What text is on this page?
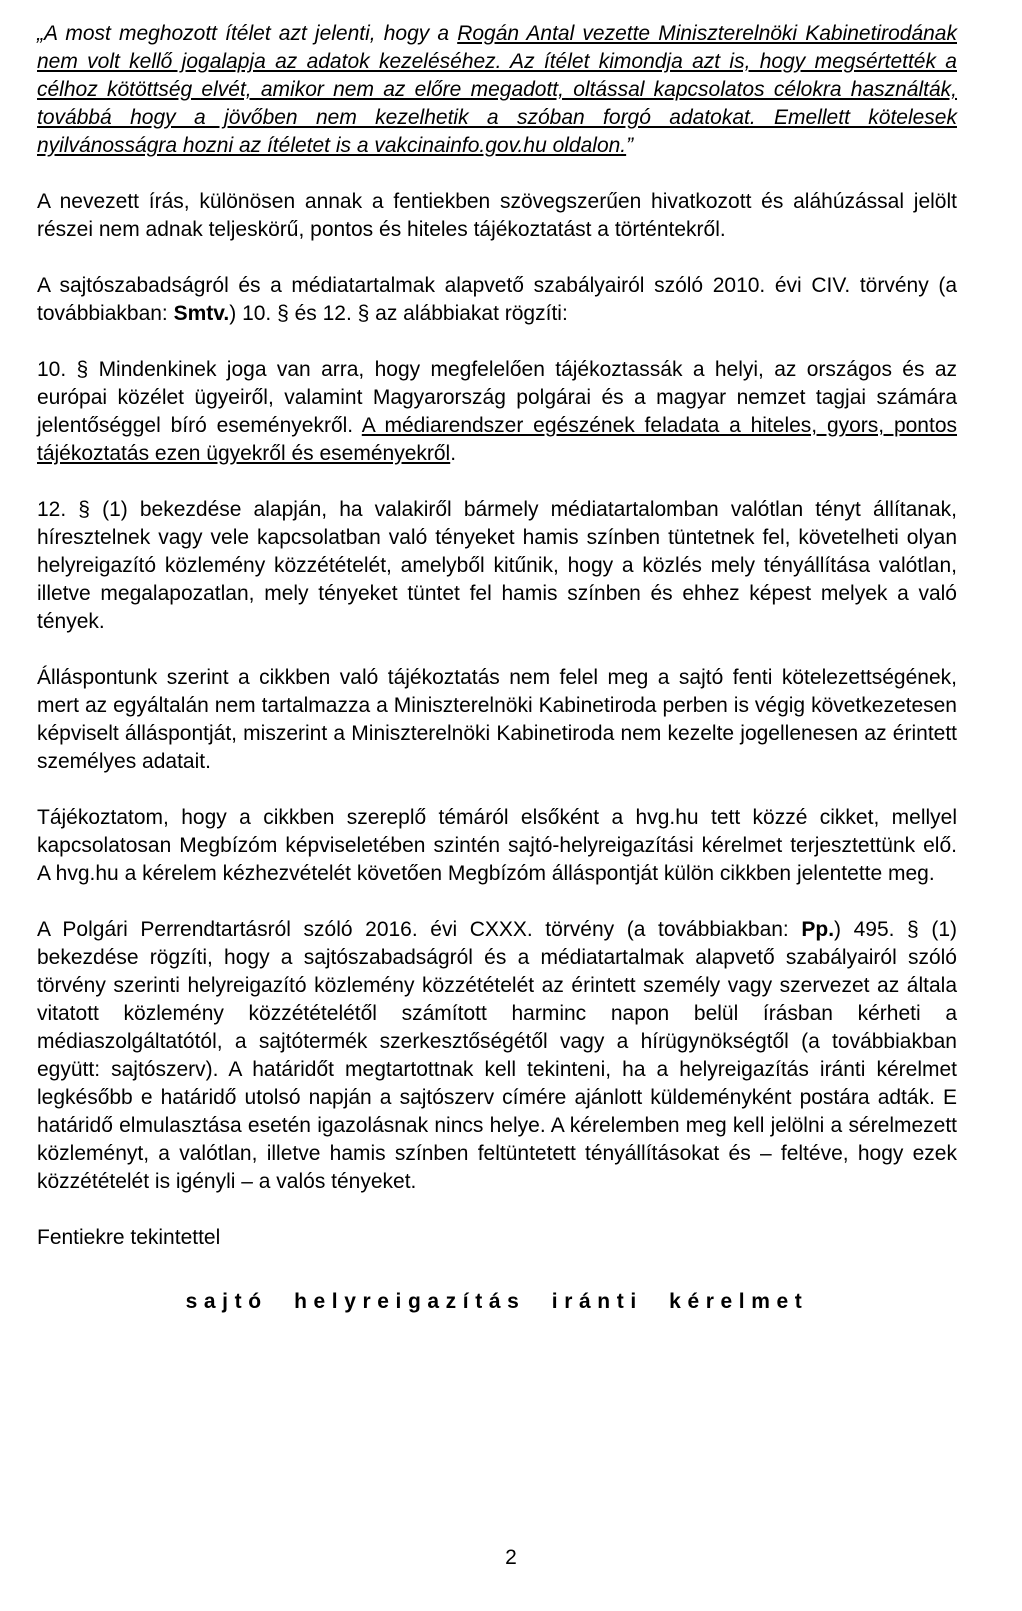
„A most meghozott ítélet azt jelenti, hogy a Rogán Antal vezette Miniszterelnöki Kabinetirodának nem volt kellő jogalapja az adatok kezeléséhez. Az ítélet kimondja azt is, hogy megsértették a célhoz kötöttség elvét, amikor nem az előre megadott, oltással kapcsolatos célokra használták, továbbá hogy a jövőben nem kezelhetik a szóban forgó adatokat. Emellett kötelesek nyilvánosságra hozni az ítéletet is a vakcinainfo.gov.hu oldalon.”

A nevezett írás, különösen annak a fentiekben szövegszerűen hivatkozott és aláhúzással jelölt részei nem adnak teljeskörű, pontos és hiteles tájékoztatást a történtekről.

A sajtószabadságról és a médiatartalmak alapvető szabályairól szóló 2010. évi CIV. törvény (a továbbiakban: Smtv.) 10. § és 12. § az alábbiakat rögzíti:

10. § Mindenkinek joga van arra, hogy megfelelően tájékoztassák a helyi, az országos és az európai közélet ügyeiről, valamint Magyarország polgárai és a magyar nemzet tagjai számára jelentőséggel bíró eseményekről. A médiarendszer egészének feladata a hiteles, gyors, pontos tájékoztatás ezen ügyekről és eseményekről.

12. § (1) bekezdése alapján, ha valakiről bármely médiatartalomban valótlan tényt állítanak, híresztelnek vagy vele kapcsolatban való tényeket hamis színben tüntetnek fel, követelheti olyan helyreigazító közlemény közzétételét, amelyből kitűnik, hogy a közlés mely tényállítása valótlan, illetve megalapozatlan, mely tényeket tüntet fel hamis színben és ehhez képest melyek a való tények.

Álláspontunk szerint a cikkben való tájékoztatás nem felel meg a sajtó fenti kötelezettségének, mert az egyáltalán nem tartalmazza a Miniszterelnöki Kabinetiroda perben is végig következetesen képviselt álláspontját, miszerint a Miniszterelnöki Kabinetiroda nem kezelte jogellenesen az érintett személyes adatait.

Tájékoztatom, hogy a cikkben szereplő témáról elsőként a hvg.hu tett közzé cikket, mellyel kapcsolatosan Megbízóm képviseletében szintén sajtó-helyreigazítási kérelmet terjesztettünk elő. A hvg.hu a kérelem kézhezvételét követően Megbízóm álláspontját külön cikkben jelentette meg.

A Polgári Perrendtartásról szóló 2016. évi CXXX. törvény (a továbbiakban: Pp.) 495. § (1) bekezdése rögzíti, hogy a sajtószabadságról és a médiatartalmak alapvető szabályairól szóló törvény szerinti helyreigazító közlemény közzétételét az érintett személy vagy szervezet az általa vitatott közlemény közzétételétől számított harminc napon belül írásban kérheti a médiaszolgáltatótól, a sajtótermék szerkesztőségétől vagy a hírügynökségtől (a továbbiakban együtt: sajtószerv). A határidőt megtartottnak kell tekinteni, ha a helyreigazítás iránti kérelmet legkésőbb e határidő utolsó napján a sajtószerv címére ajánlott küldeményként postára adták. E határidő elmulasztása esetén igazolásnak nincs helye. A kérelemben meg kell jelölni a sérelmezett közleményt, a valótlan, illetve hamis színben feltüntetett tényállításokat és – feltéve, hogy ezek közzétételét is igényli – a valós tényeket.

Fentiekre tekintettel

sajtó helyreigazítás iránti kérelmet

2
